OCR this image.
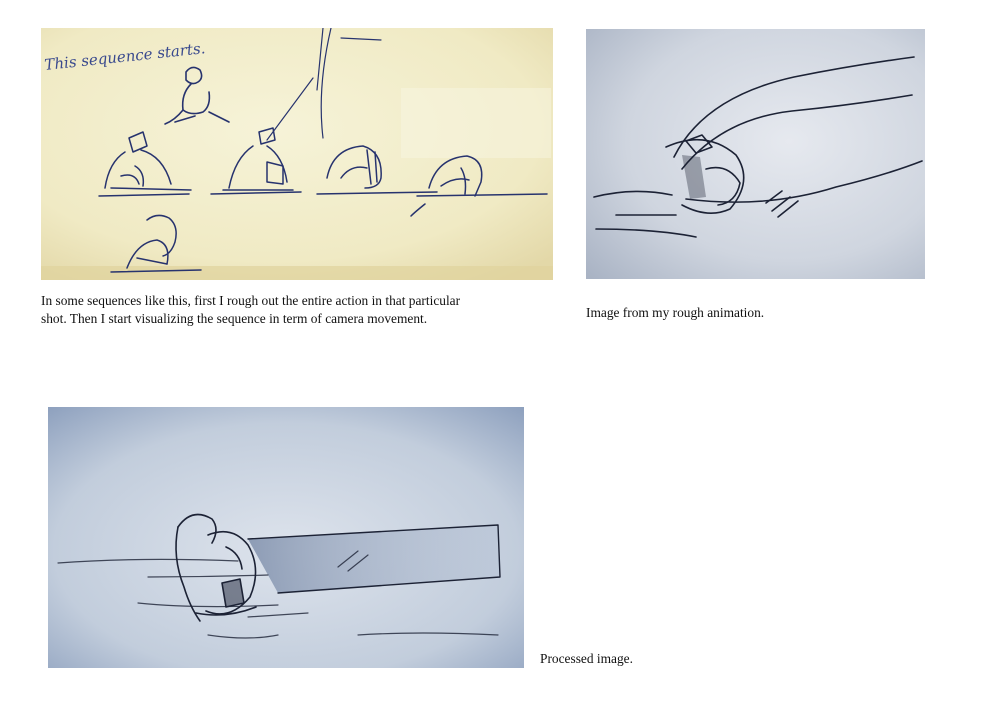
This sequence starts.
In some sequences like this, first I rough out the entire action in that particular shot. Then I start visualizing the sequence in term of camera movement.	Image from my rough animation.
Processed image.
